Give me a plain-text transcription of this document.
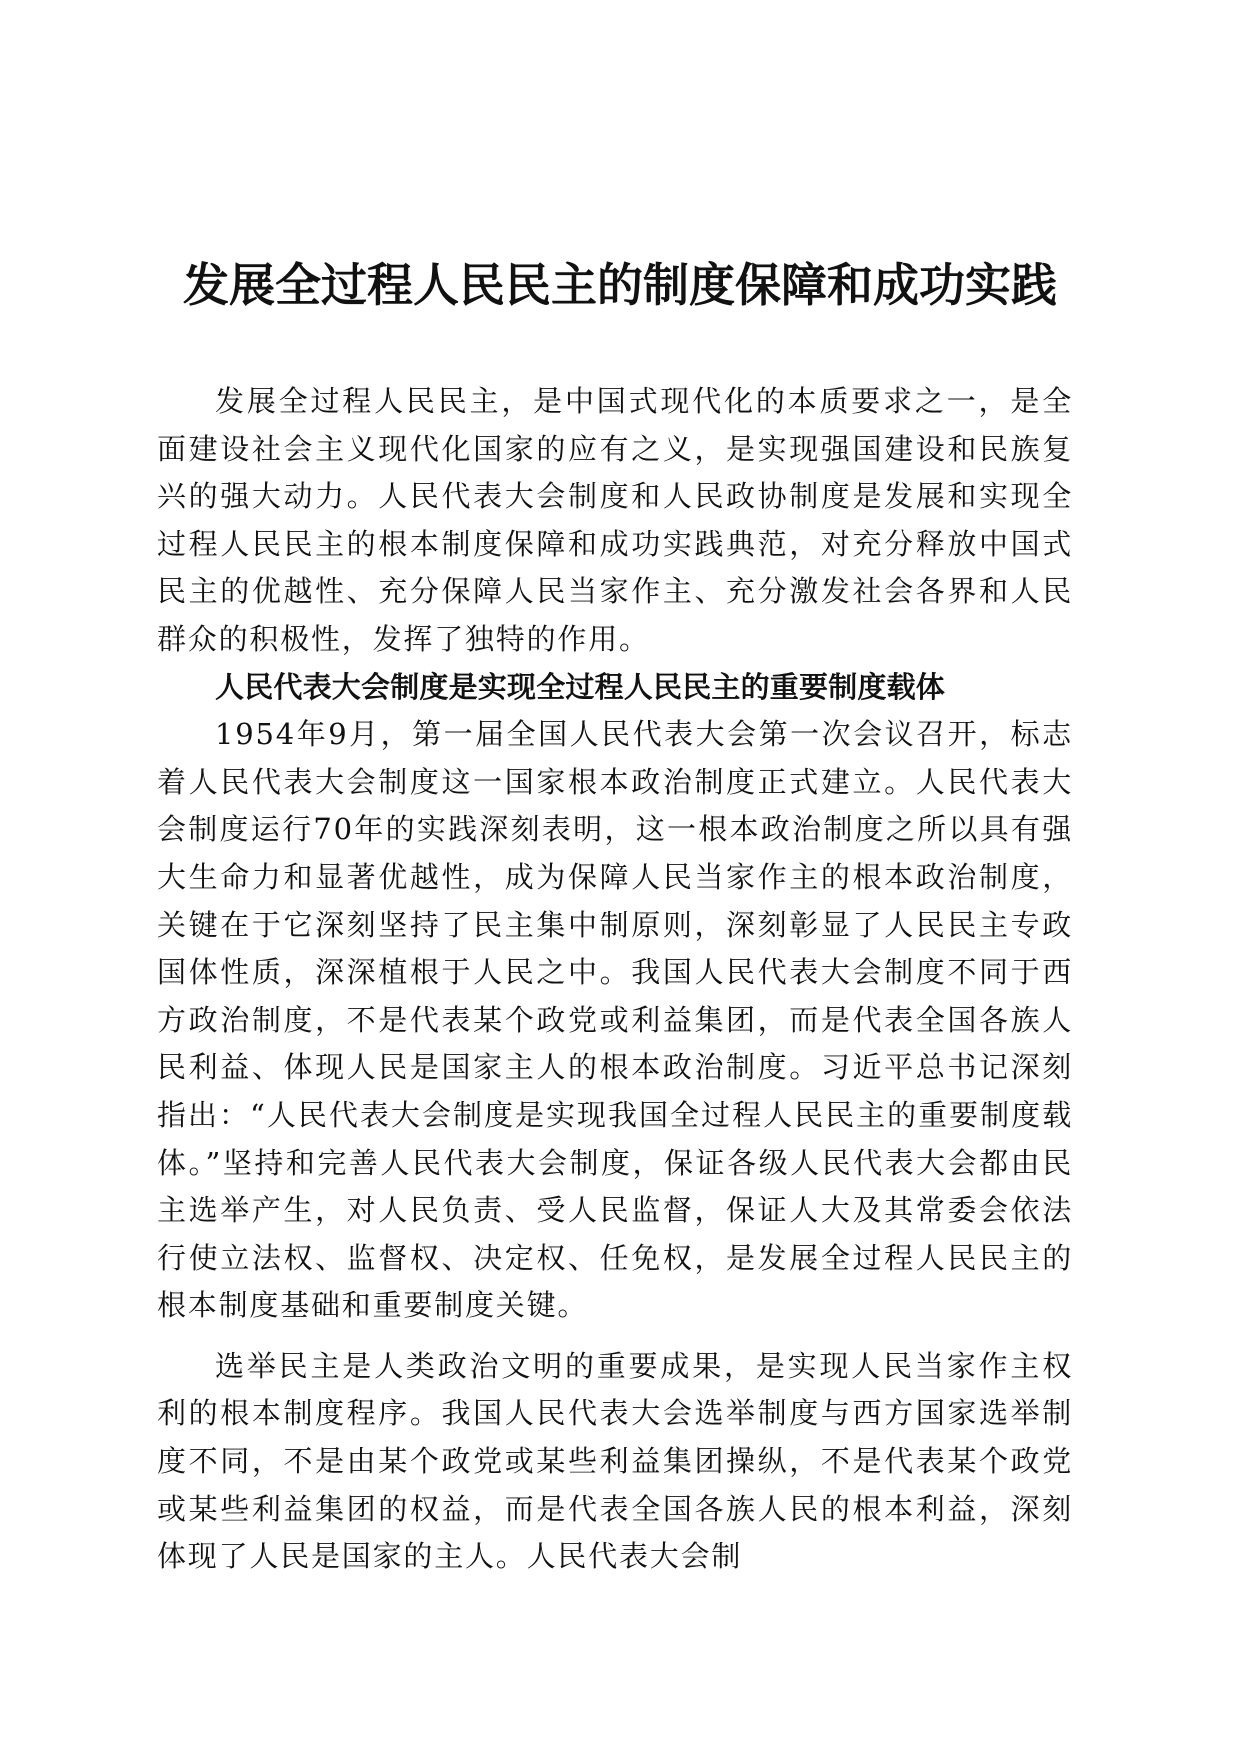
发展全过程人民民主的制度保障和成功实践

发展全过程人民民主，是中国式现代化的本质要求之一，是全面建设社会主义现代化国家的应有之义，是实现强国建设和民族复兴的强大动力。人民代表大会制度和人民政协制度是发展和实现全过程人民民主的根本制度保障和成功实践典范，对充分释放中国式民主的优越性、充分保障人民当家作主、充分激发社会各界和人民群众的积极性，发挥了独特的作用。

人民代表大会制度是实现全过程人民民主的重要制度载体

1954年9月，第一届全国人民代表大会第一次会议召开，标志着人民代表大会制度这一国家根本政治制度正式建立。人民代表大会制度运行70年的实践深刻表明，这一根本政治制度之所以具有强大生命力和显著优越性，成为保障人民当家作主的根本政治制度，关键在于它深刻坚持了民主集中制原则，深刻彰显了人民民主专政国体性质，深深植根于人民之中。我国人民代表大会制度不同于西方政治制度，不是代表某个政党或利益集团，而是代表全国各族人民利益、体现人民是国家主人的根本政治制度。习近平总书记深刻指出：“人民代表大会制度是实现我国全过程人民民主的重要制度载体。”坚持和完善人民代表大会制度，保证各级人民代表大会都由民主选举产生，对人民负责、受人民监督，保证人大及其常委会依法行使立法权、监督权、决定权、任免权，是发展全过程人民民主的根本制度基础和重要制度关键。

选举民主是人类政治文明的重要成果，是实现人民当家作主权利的根本制度程序。我国人民代表大会选举制度与西方国家选举制度不同，不是由某个政党或某些利益集团操纵，不是代表某个政党或某些利益集团的权益，而是代表全国各族人民的根本利益，深刻体现了人民是国家的主人。人民代表大会制
